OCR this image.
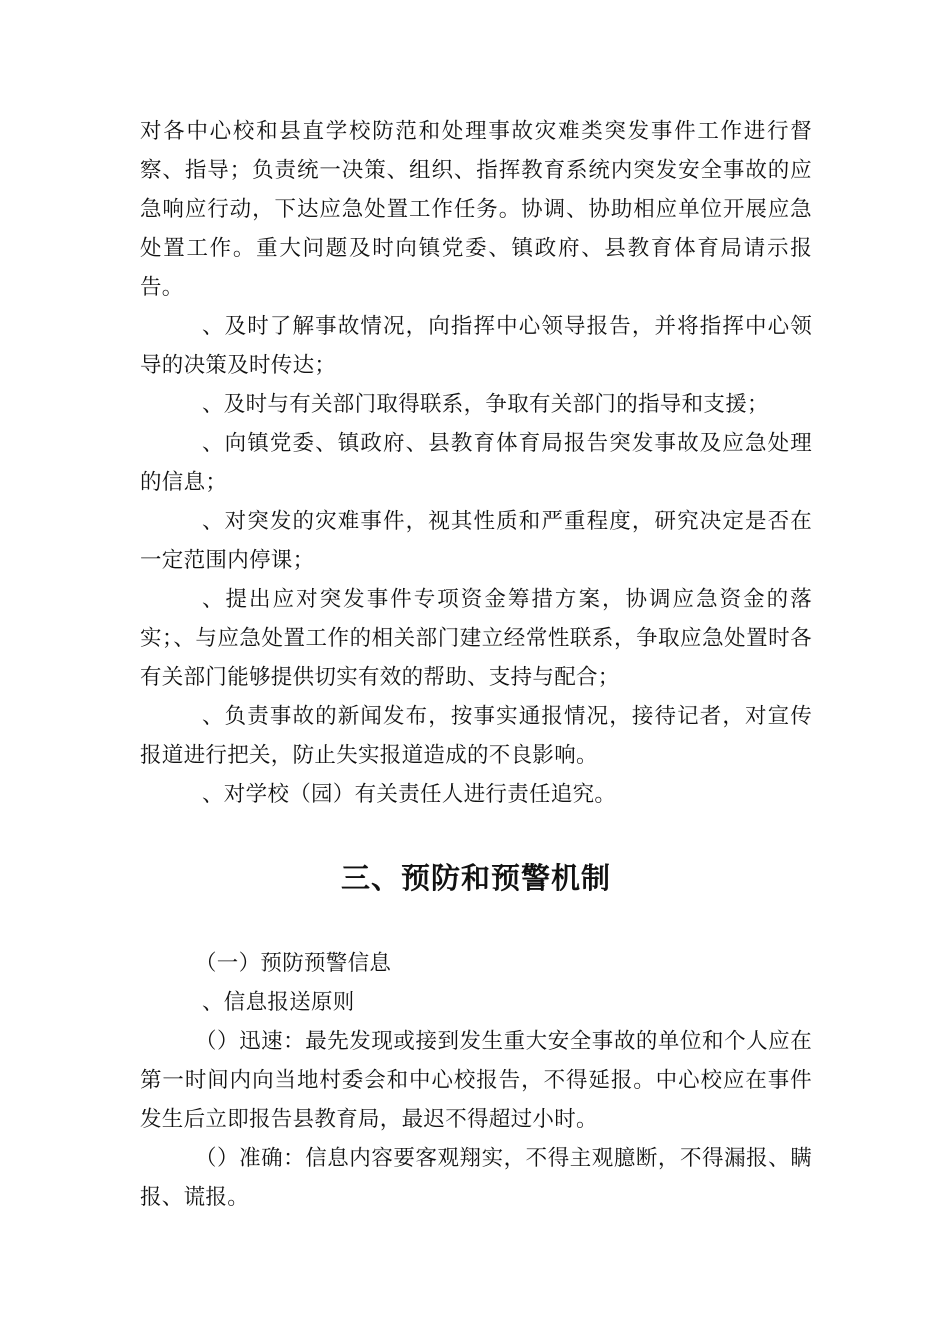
对各中心校和县直学校防范和处理事故灾难类突发事件工作进行督察、指导；负责统一决策、组织、指挥教育系统内突发安全事故的应急响应行动，下达应急处置工作任务。协调、协助相应单位开展应急处置工作。重大问题及时向镇党委、镇政府、县教育体育局请示报告。

、及时了解事故情况，向指挥中心领导报告，并将指挥中心领导的决策及时传达；

、及时与有关部门取得联系，争取有关部门的指导和支援；

、向镇党委、镇政府、县教育体育局报告突发事故及应急处理的信息；

、对突发的灾难事件，视其性质和严重程度，研究决定是否在一定范围内停课；

、提出应对突发事件专项资金筹措方案，协调应急资金的落实；、与应急处置工作的相关部门建立经常性联系，争取应急处置时各有关部门能够提供切实有效的帮助、支持与配合；

、负责事故的新闻发布，按事实通报情况，接待记者，对宣传报道进行把关，防止失实报道造成的不良影响。

、对学校（园）有关责任人进行责任追究。

三、预防和预警机制

（一）预防预警信息

、信息报送原则

（）迅速：最先发现或接到发生重大安全事故的单位和个人应在第一时间内向当地村委会和中心校报告，不得延报。中心校应在事件发生后立即报告县教育局，最迟不得超过小时。

（）准确：信息内容要客观翔实，不得主观臆断，不得漏报、瞒报、谎报。
